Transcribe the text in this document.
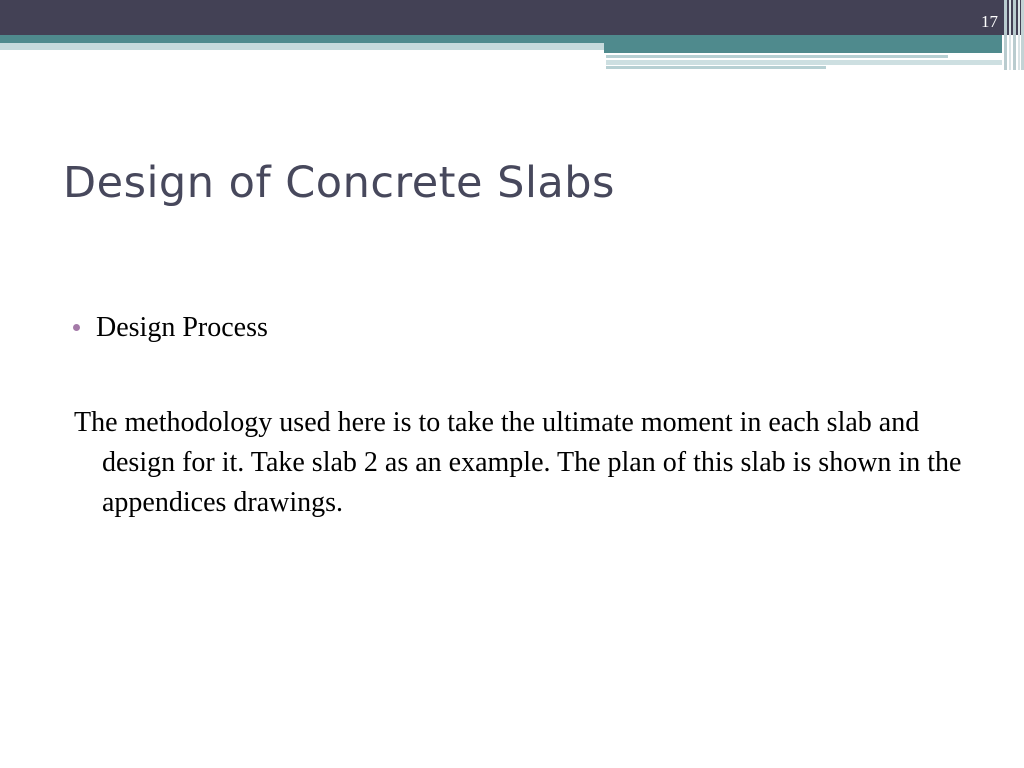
17
Design of Concrete Slabs
Design Process

The methodology used here is to take the ultimate moment in each slab and design for it. Take slab 2 as an example. The plan of this slab is shown in the appendices drawings.
